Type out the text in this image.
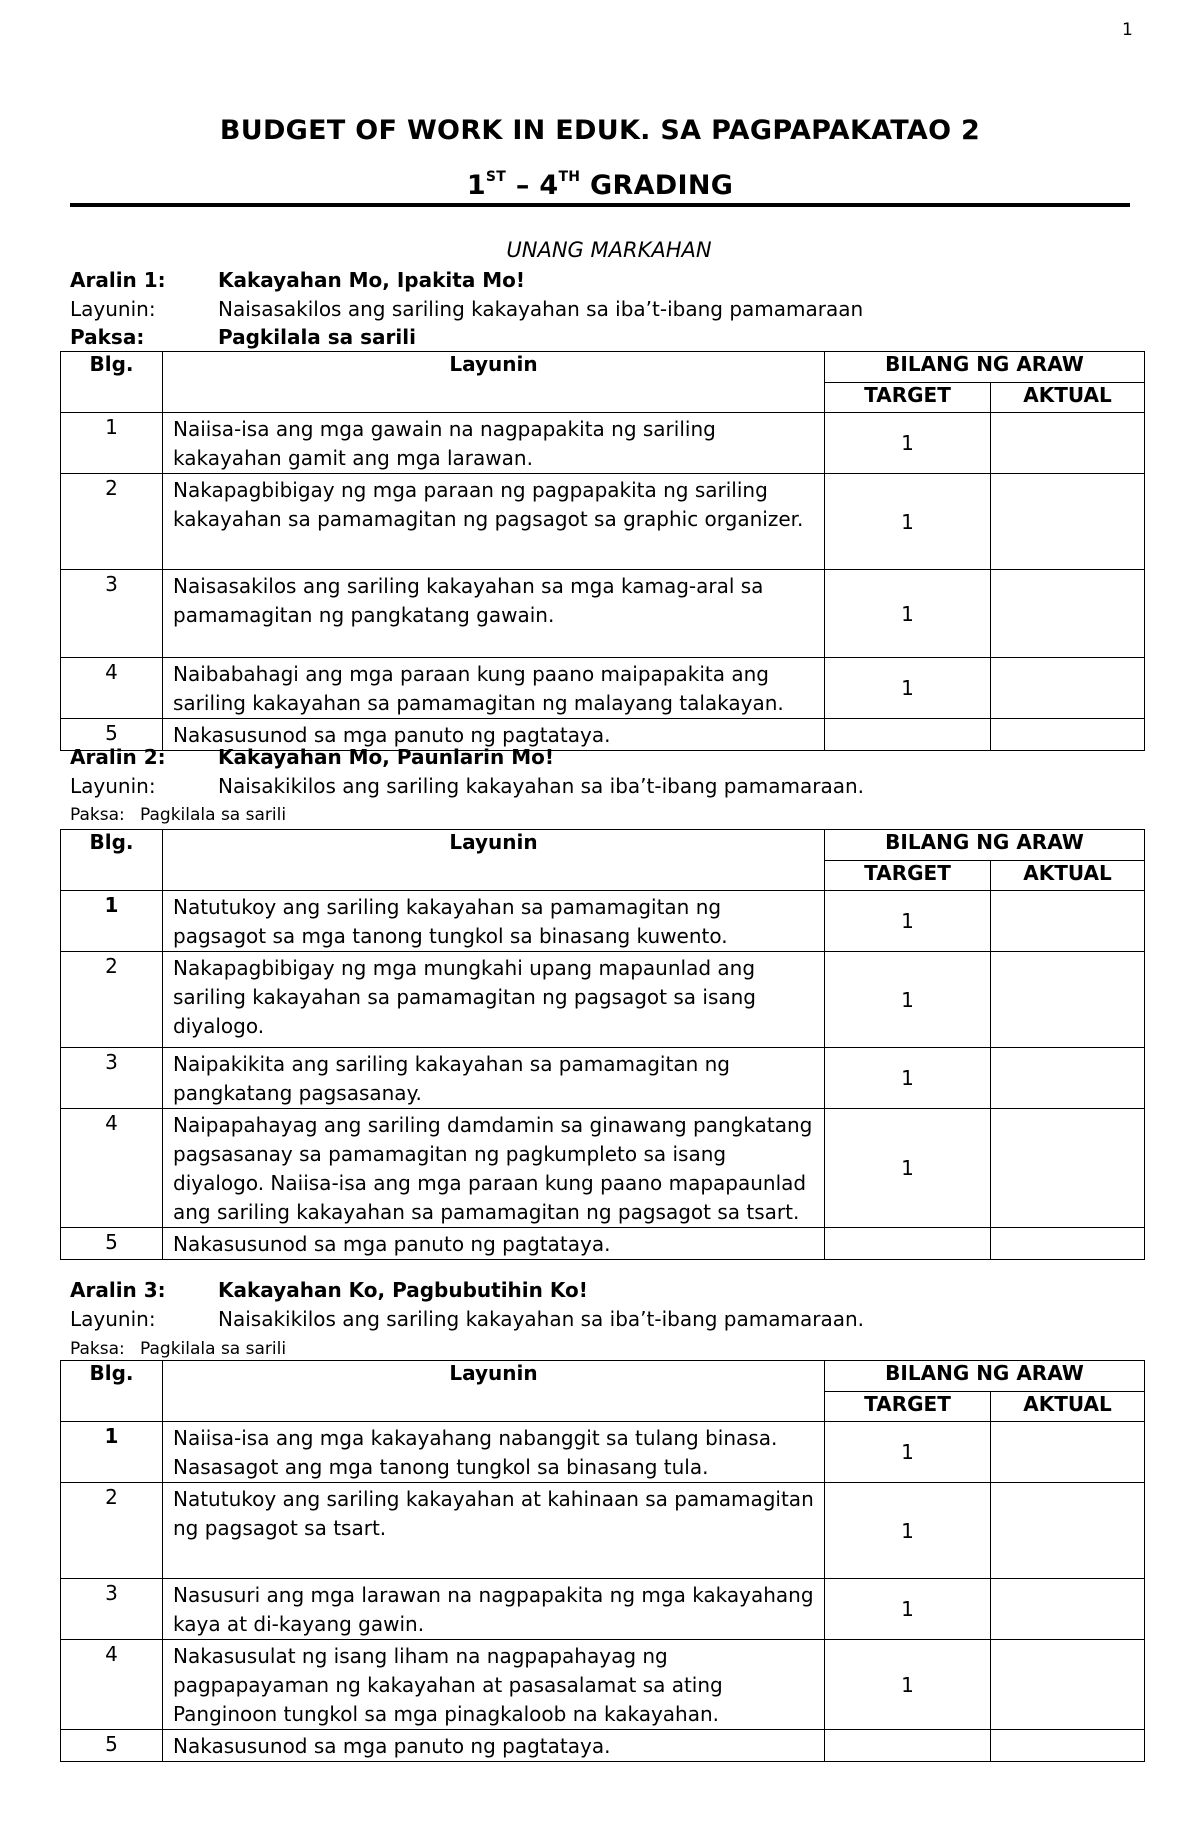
1
BUDGET OF WORK IN EDUK. SA PAGPAPAKATAO 2
1ST – 4TH GRADING
UNANG MARKAHAN
Aralin 1:	Kakayahan Mo, Ipakita Mo!
Layunin:	Naisasakilos ang sariling kakayahan sa iba’t-ibang pamamaraan
Paksa:	Pagkilala sa sarili
Blg.	Layunin	BILANG NG ARAW	
		TARGET	AKTUAL
1	Naiisa-isa ang mga gawain na nagpapakita ng sariling kakayahan gamit ang mga larawan.	1	
2	Nakapagbibigay ng mga paraan ng pagpapakita ng sariling kakayahan sa pamamagitan ng pagsagot sa graphic organizer.	1	
3	Naisasakilos ang sariling kakayahan sa mga kamag-aral sa pamamagitan ng pangkatang gawain.	1	
4	Naibabahagi ang mga paraan kung paano maipapakita ang sariling kakayahan sa pamamagitan ng malayang talakayan.	1	
5	Nakasusunod sa mga panuto ng pagtataya.		
Aralin 2:	Kakayahan Mo, Paunlarin Mo!
Layunin:	Naisakikilos ang sariling kakayahan sa iba’t-ibang pamamaraan.
Paksa: Pagkilala sa sarili
Blg.	Layunin	BILANG NG ARAW	
		TARGET	AKTUAL
1	Natutukoy ang sariling kakayahan sa pamamagitan ng pagsagot sa mga tanong tungkol sa binasang kuwento.	1	
2	Nakapagbibigay ng mga mungkahi upang mapaunlad ang sariling kakayahan sa pamamagitan ng pagsagot sa isang diyalogo.	1	
3	Naipakikita ang sariling kakayahan sa pamamagitan ng pangkatang pagsasanay.	1	
4	Naipapahayag ang sariling damdamin sa ginawang pangkatang pagsasanay sa pamamagitan ng pagkumpleto sa isang diyalogo. Naiisa-isa ang mga paraan kung paano mapapaunlad ang sariling kakayahan sa pamamagitan ng pagsagot sa tsart.	1	
5	Nakasusunod sa mga panuto ng pagtataya.		
Aralin 3:	Kakayahan Ko, Pagbubutihin Ko!
Layunin:	Naisakikilos ang sariling kakayahan sa iba’t-ibang pamamaraan.
Paksa: Pagkilala sa sarili
Blg.	Layunin	BILANG NG ARAW	
		TARGET	AKTUAL
1	Naiisa-isa ang mga kakayahang nabanggit sa tulang binasa. Nasasagot ang mga tanong tungkol sa binasang tula.	1	
2	Natutukoy ang sariling kakayahan at kahinaan sa pamamagitan ng pagsagot sa tsart.	1	
3	Nasusuri ang mga larawan na nagpapakita ng mga kakayahang kaya at di-kayang gawin.	1	
4	Nakasusulat ng isang liham na nagpapahayag ng pagpapayaman ng kakayahan at pasasalamat sa ating Panginoon tungkol sa mga pinagkaloob na kakayahan.	1	
5	Nakasusunod sa mga panuto ng pagtataya.		
